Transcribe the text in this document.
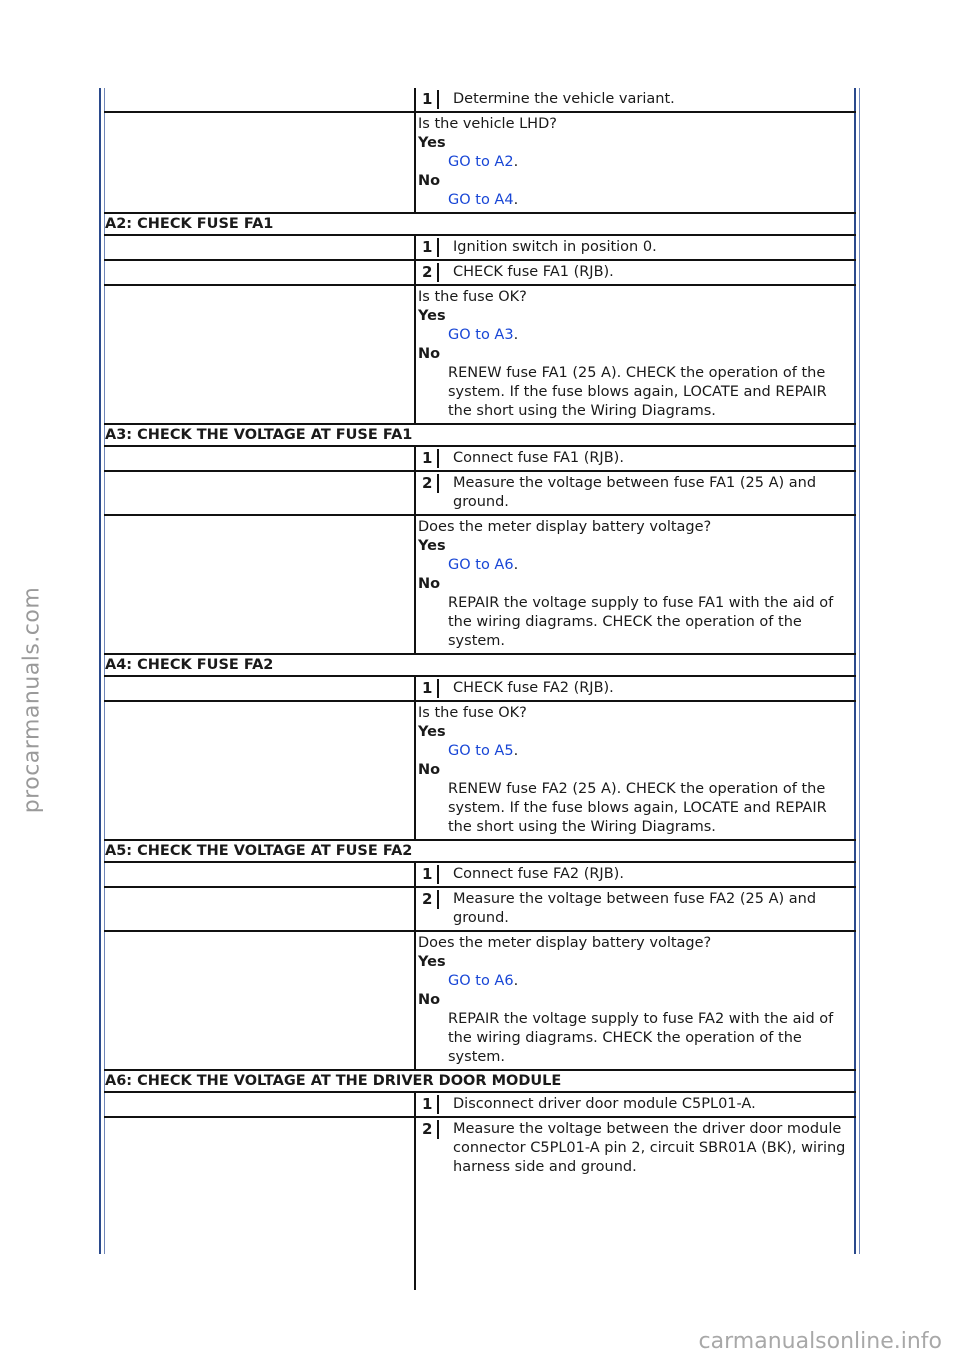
procarmanuals.com
carmanualsonline.info

	1 Determine the vehicle variant.

	Is the vehicle LHD?
Yes
GO to A2.
No
GO to A4.

A2: CHECK FUSE FA1	

	1 Ignition switch in position 0.

	2 CHECK fuse FA1 (RJB).

	Is the fuse OK?
Yes
GO to A3.
No
RENEW fuse FA1 (25 A). CHECK the operation of the system. If the fuse blows again, LOCATE and REPAIR the short using the Wiring Diagrams.

A3: CHECK THE VOLTAGE AT FUSE FA1	

	1 Connect fuse FA1 (RJB).

	2 Measure the voltage between fuse FA1 (25 A) and ground.

	Does the meter display battery voltage?
Yes
GO to A6.
No
REPAIR the voltage supply to fuse FA1 with the aid of the wiring diagrams. CHECK the operation of the system.

A4: CHECK FUSE FA2	

	1 CHECK fuse FA2 (RJB).

	Is the fuse OK?
Yes
GO to A5.
No
RENEW fuse FA2 (25 A). CHECK the operation of the system. If the fuse blows again, LOCATE and REPAIR the short using the Wiring Diagrams.

A5: CHECK THE VOLTAGE AT FUSE FA2	

	1 Connect fuse FA2 (RJB).

	2 Measure the voltage between fuse FA2 (25 A) and ground.

	Does the meter display battery voltage?
Yes
GO to A6.
No
REPAIR the voltage supply to fuse FA2 with the aid of the wiring diagrams. CHECK the operation of the system.

A6: CHECK THE VOLTAGE AT THE DRIVER DOOR MODULE	

	1 Disconnect driver door module C5PL01-A.

	2 Measure the voltage between the driver door module connector C5PL01-A pin 2, circuit SBR01A (BK), wiring harness side and ground.
